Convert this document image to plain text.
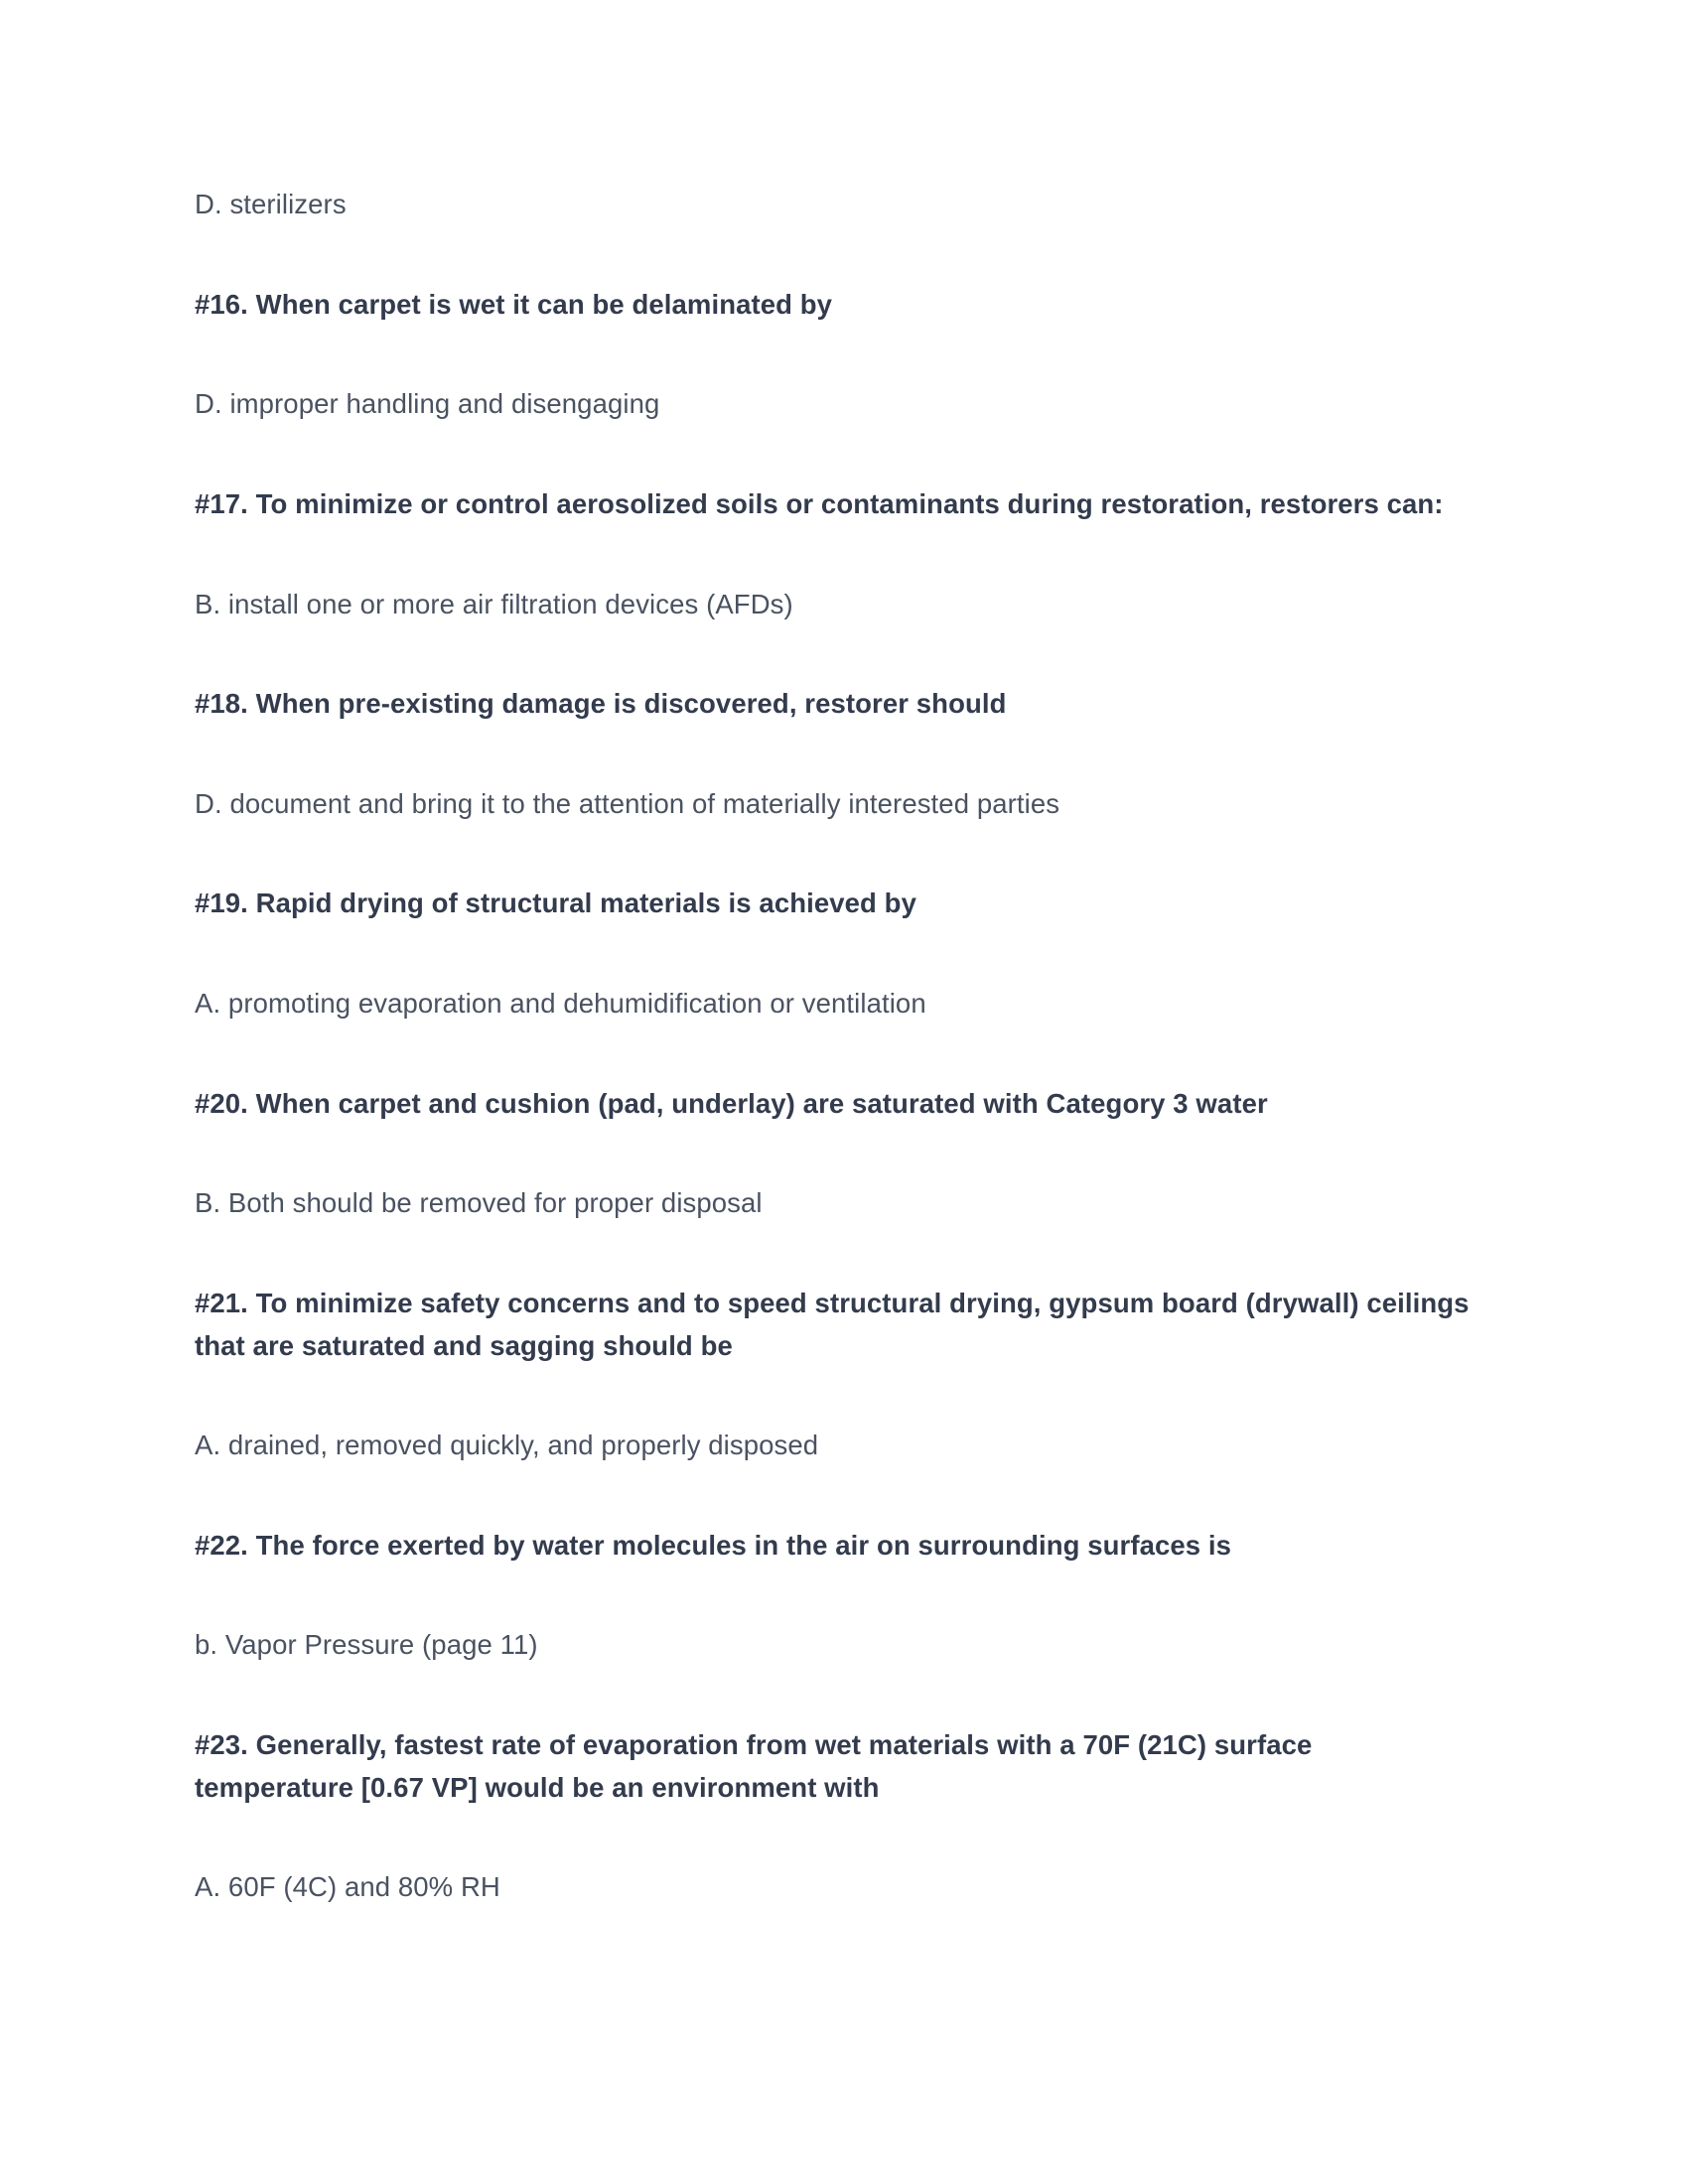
D. sterilizers

#16. When carpet is wet it can be delaminated by

D. improper handling and disengaging

#17. To minimize or control aerosolized soils or contaminants during restoration, restorers can:

B. install one or more air filtration devices (AFDs)

#18. When pre-existing damage is discovered, restorer should

D. document and bring it to the attention of materially interested parties

#19. Rapid drying of structural materials is achieved by

A. promoting evaporation and dehumidification or ventilation

#20. When carpet and cushion (pad, underlay) are saturated with Category 3 water

B. Both should be removed for proper disposal

#21. To minimize safety concerns and to speed structural drying, gypsum board (drywall) ceilings that are saturated and sagging should be

A. drained, removed quickly, and properly disposed

#22. The force exerted by water molecules in the air on surrounding surfaces is

b. Vapor Pressure (page 11)

#23. Generally, fastest rate of evaporation from wet materials with a 70F (21C) surface temperature [0.67 VP] would be an environment with

A. 60F (4C) and 80% RH
